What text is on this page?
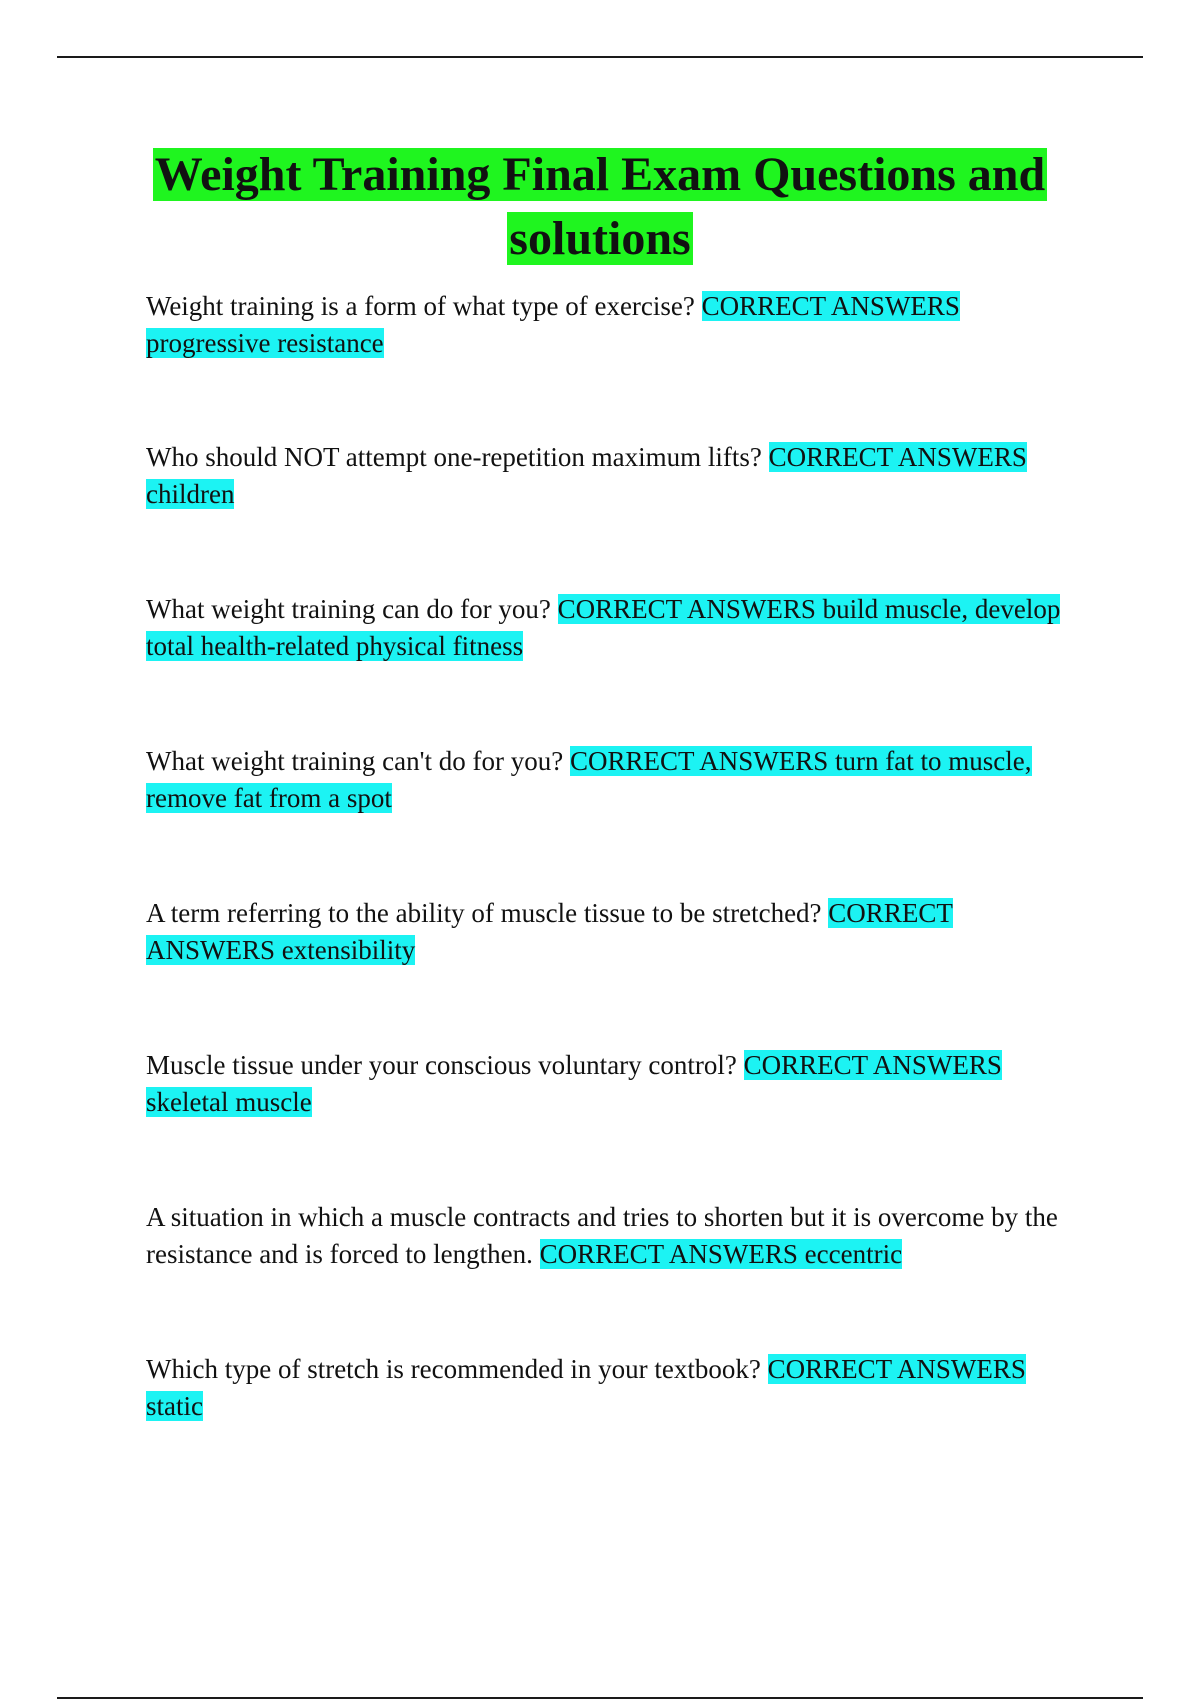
Weight Training Final Exam Questions and solutions
Weight training is a form of what type of exercise? CORRECT ANSWERS progressive resistance
Who should NOT attempt one-repetition maximum lifts? CORRECT ANSWERS children
What weight training can do for you? CORRECT ANSWERS build muscle, develop total health-related physical fitness
What weight training can't do for you? CORRECT ANSWERS turn fat to muscle, remove fat from a spot
A term referring to the ability of muscle tissue to be stretched? CORRECT ANSWERS extensibility
Muscle tissue under your conscious voluntary control? CORRECT ANSWERS skeletal muscle
A situation in which a muscle contracts and tries to shorten but it is overcome by the resistance and is forced to lengthen. CORRECT ANSWERS eccentric
Which type of stretch is recommended in your textbook? CORRECT ANSWERS static
